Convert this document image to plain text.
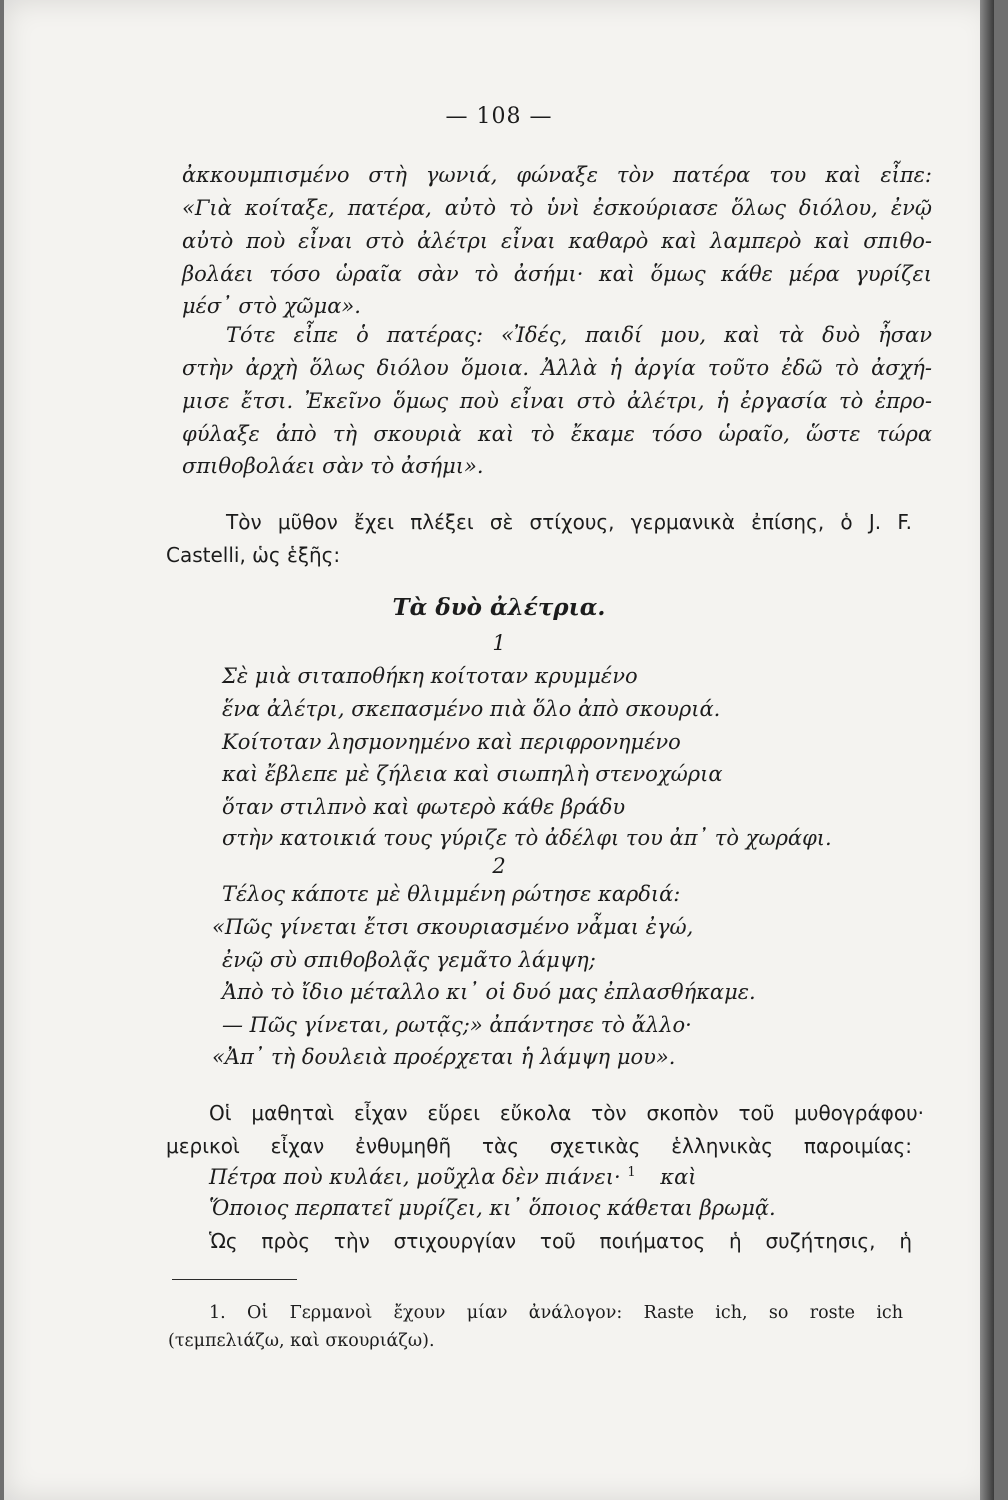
— 108 —
ἀκκουμπισμένο στὴ γωνιά, φώναξε τὸν πατέρα του καὶ εἶπε:
«Γιὰ κοίταξε, πατέρα, αὐτὸ τὸ ὑνὶ ἐσκούριασε ὅλως διόλου, ἐνῷ
αὐτὸ ποὺ εἶναι στὸ ἀλέτρι εἶναι καθαρὸ καὶ λαμπερὸ καὶ σπιθο-
βολάει τόσο ὡραῖα σὰν τὸ ἀσήμι· καὶ ὅμως κάθε μέρα γυρίζει
μέσ᾽ στὸ χῶμα».
Τότε εἶπε ὁ πατέρας: «Ἰδές, παιδί μου, καὶ τὰ δυὸ ἦσαν
στὴν ἀρχὴ ὅλως διόλου ὅμοια. Ἀλλὰ ἡ ἀργία τοῦτο ἐδῶ τὸ ἀσχή-
μισε ἔτσι. Ἐκεῖνο ὅμως ποὺ εἶναι στὸ ἀλέτρι, ἡ ἐργασία τὸ ἐπρο-
φύλαξε ἀπὸ τὴ σκουριὰ καὶ τὸ ἔκαμε τόσο ὡραῖο, ὥστε τώρα
σπιθοβολάει σὰν τὸ ἀσήμι».
Τὸν μῦθον ἔχει πλέξει σὲ στίχους, γερμανικὰ ἐπίσης, ὁ J. F.
Castelli, ὡς ἑξῆς:
Τὰ δυὸ ἀλέτρια.
1
Σὲ μιὰ σιταποθήκη κοίτοταν κρυμμένο
ἕνα ἀλέτρι, σκεπασμένο πιὰ ὅλο ἀπὸ σκουριά.
Κοίτοταν λησμονημένο καὶ περιφρονημένο
καὶ ἔβλεπε μὲ ζήλεια καὶ σιωπηλὴ στενοχώρια
ὅταν στιλπνὸ καὶ φωτερὸ κάθε βράδυ
στὴν κατοικιά τους γύριζε τὸ ἀδέλφι του ἀπ᾽ τὸ χωράφι.
2
Τέλος κάποτε μὲ θλιμμένη ρώτησε καρδιά:
«Πῶς γίνεται ἔτσι σκουριασμένο νἆμαι ἐγώ,
ἐνῷ σὺ σπιθοβολᾷς γεμᾶτο λάμψη;
Ἀπὸ τὸ ἴδιο μέταλλο κι᾽ οἱ δυό μας ἐπλασθήκαμε.
— Πῶς γίνεται, ρωτᾷς;» ἀπάντησε τὸ ἄλλο·
«Ἀπ᾽ τὴ δουλειὰ προέρχεται ἡ λάμψη μου».
Οἱ μαθηταὶ εἶχαν εὕρει εὔκολα τὸν σκοπὸν τοῦ μυθογράφου·
μερικοὶ εἶχαν ἐνθυμηθῆ τὰς σχετικὰς ἑλληνικὰς παροιμίας:
Πέτρα ποὺ κυλάει, μοῦχλα δὲν πιάνει· $^1$ καὶ
Ὅποιος περπατεῖ μυρίζει, κι᾽ ὅποιος κάθεται βρωμᾷ.
Ὡς πρὸς τὴν στιχουργίαν τοῦ ποιήματος ἡ συζήτησις, ἡ
1. Οἱ Γερμανοὶ ἔχουν μίαν ἀνάλογον: Raste ich, so roste ich
(τεμπελιάζω, καὶ σκουριάζω).
